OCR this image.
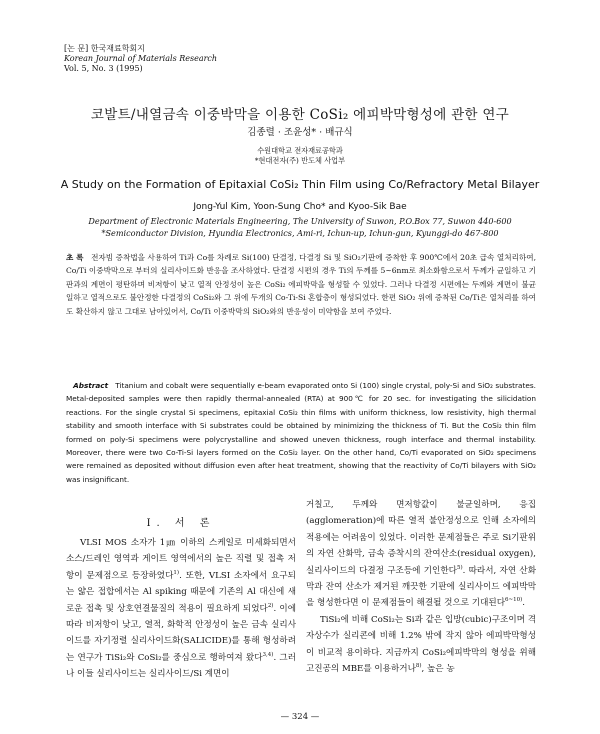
[논 문] 한국재료학회지
Korean Journal of Materials Research
Vol. 5, No. 3 (1995)
코발트/내열금속 이중박막을 이용한 CoSi₂ 에피박막형성에 관한 연구
김종렬 · 조윤성* · 배규식
수원대학교 전자재료공학과
*현대전자(주) 반도체 사업부
A Study on the Formation of Epitaxial CoSi₂ Thin Film using Co/Refractory Metal Bilayer
Jong-Yul Kim, Yoon-Sung Cho* and Kyoo-Sik Bae
Department of Electronic Materials Engineering, The University of Suwon, P.O.Box 77, Suwon 440-600
*Semiconductor Division, Hyundia Electronics, Ami-ri, Ichun-up, Ichun-gun, Kyunggi-do 467-800
초 록 전자빔 증착법을 사용하여 Ti과 Co를 차례로 Si(100) 단결정, 다결정 Si 및 SiO₂기판에 증착한 후 900℃에서 20초 급속 열처리하여, Co/Ti 이중박막으로 부터의 실리사이드화 반응을 조사하였다. 단결정 시편의 경우 Ti의 두께를 5~6nm로 최소화함으로서 두께가 균일하고 기판과의 계면이 평탄하며 비저항이 낮고 열적 안정성이 높은 CoSi₂ 에피박막을 형성할 수 있었다. 그러나 다결정 시편에는 두께와 계면이 불균일하고 열적으로도 불안정한 다결정의 CoSi₂와 그 위에 두개의 Co-Ti-Si 혼합층이 형성되었다. 한편 SiO₂ 위에 증착된 Co/Ti은 열처리를 하여도 확산하지 않고 그대로 남아있어서, Co/Ti 이중박막의 SiO₂와의 반응성이 미약함을 보여 주었다.
Abstract Titanium and cobalt were sequentially e-beam evaporated onto Si (100) single crystal, poly-Si and SiO₂ substrates. Metal-deposited samples were then rapidly thermal-annealed (RTA) at 900℃ for 20 sec. for investigating the silicidation reactions. For the single crystal Si specimens, epitaxial CoSi₂ thin films with uniform thickness, low resistivity, high thermal stability and smooth interface with Si substrates could be obtained by minimizing the thickness of Ti. But the CoSi₂ thin film formed on poly-Si specimens were polycrystalline and showed uneven thickness, rough interface and thermal instability. Moreover, there were two Co-Ti-Si layers formed on the CoSi₂ layer. On the other hand, Co/Ti evaporated on SiO₂ specimens were remained as deposited without diffusion even after heat treatment, showing that the reactivity of Co/Ti bilayers with SiO₂ was insignificant.
I. 서 론

VLSI MOS 소자가 1㎛ 이하의 스케일로 미세화되면서 소스/드레인 영역과 게이트 영역에서의 높은 직렬 및 접촉 저항이 문제점으로 등장하였다$^{1)}$. 또한, VLSI 소자에서 요구되는 얇은 접합에서는 Al spiking 때문에 기존의 Al 대신에 새로운 접촉 및 상호연결물질의 적용이 필요하게 되었다$^{2)}$. 이에 따라 비저항이 낮고, 열적, 화학적 안정성이 높은 금속 실리사이드를 자기정렬 실리사이드화(SALICIDE)를 통해 형성하려는 연구가 TiSi₂와 CoSi₂를 중심으로 행하여져 왔다$^{3,4)}$. 그러나 이들 실리사이드는 실리사이드/Si 계면이

거칠고, 두께와 면저항값이 불균일하며, 응집(agglomeration)에 따른 열적 불안정성으로 인해 소자에의 적용에는 어려움이 있었다. 이러한 문제점들은 주로 Si기판위의 자연 산화막, 금속 증착시의 잔여산소(residual oxygen), 실리사이드의 다결정 구조등에 기인한다$^{5)}$. 따라서, 자연 산화막과 잔여 산소가 제거된 깨끗한 기판에 실리사이드 에피박막을 형성한다면 이 문제점들이 해결될 것으로 기대된다$^{6\sim 10)}$.

TiSi₂에 비해 CoSi₂는 Si과 같은 입방(cubic)구조이며 격자상수가 실리콘에 비해 1.2% 밖에 작지 않아 에피박막형성이 비교적 용이하다. 지금까지 CoSi₂에피박막의 형성을 위해 고진공의 MBE를 이용하거나$^{8)}$, 높은 농

— 324 —
